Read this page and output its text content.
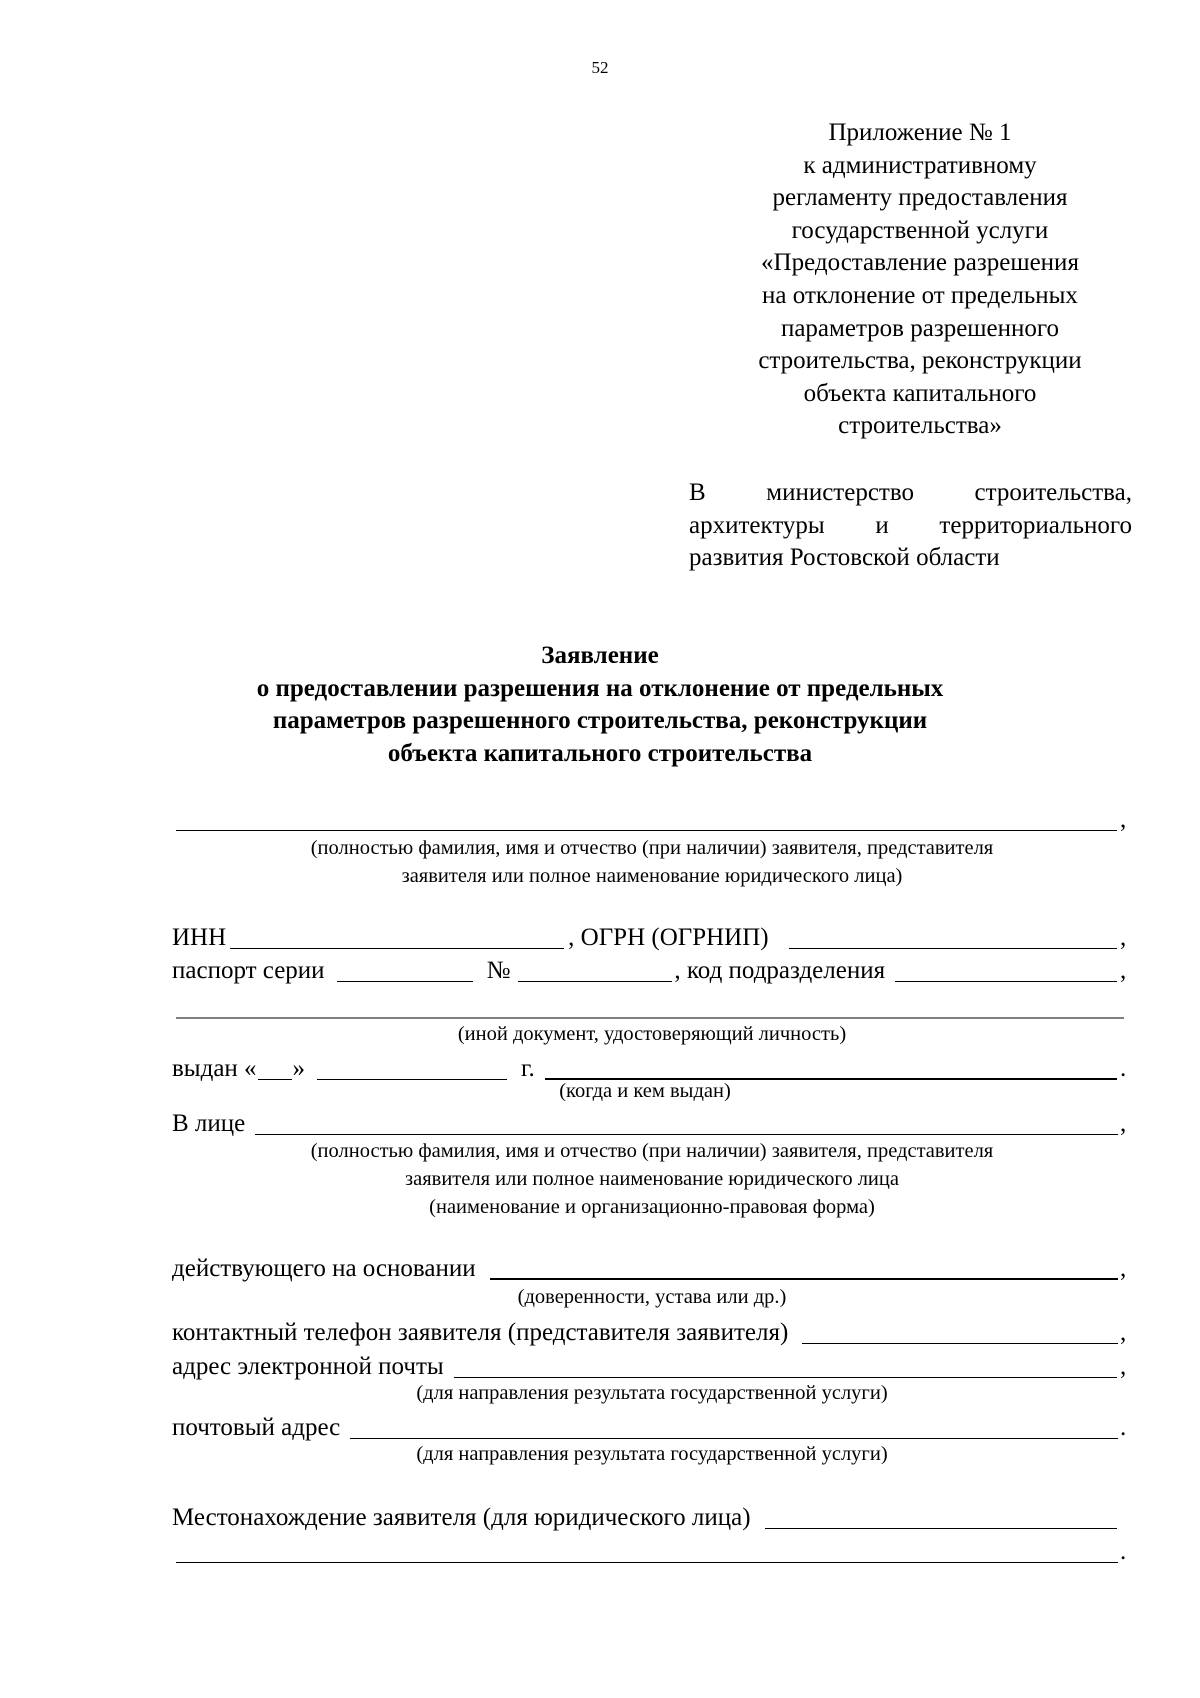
52
Приложение № 1
к административному
регламенту предоставления
государственной услуги
«Предоставление разрешения
на отклонение от предельных
параметров разрешенного
строительства, реконструкции
объекта капитального
строительства»
В министерство строительства,
архитектуры и территориального
развития Ростовской области
Заявление
о предоставлении разрешения на отклонение от предельных
параметров разрешенного строительства, реконструкции
объекта капитального строительства
,
(полностью фамилия, имя и отчество (при наличии) заявителя, представителя
заявителя или полное наименование юридического лица)
ИНН	, ОГРН (ОГРНИП)	,
паспорт серии	№	, код подразделения	,
(иной документ, удостоверяющий личность)
выдан « »	г.	.
(когда и кем выдан)
В лице	,
(полностью фамилия, имя и отчество (при наличии) заявителя, представителя
заявителя или полное наименование юридического лица
(наименование и организационно-правовая форма)
действующего на основании	,
(доверенности, устава или др.)
контактный телефон заявителя (представителя заявителя)	,
адрес электронной почты	,
(для направления результата государственной услуги)
почтовый адрес	.
(для направления результата государственной услуги)
Местонахождение заявителя (для юридического лица)
.
